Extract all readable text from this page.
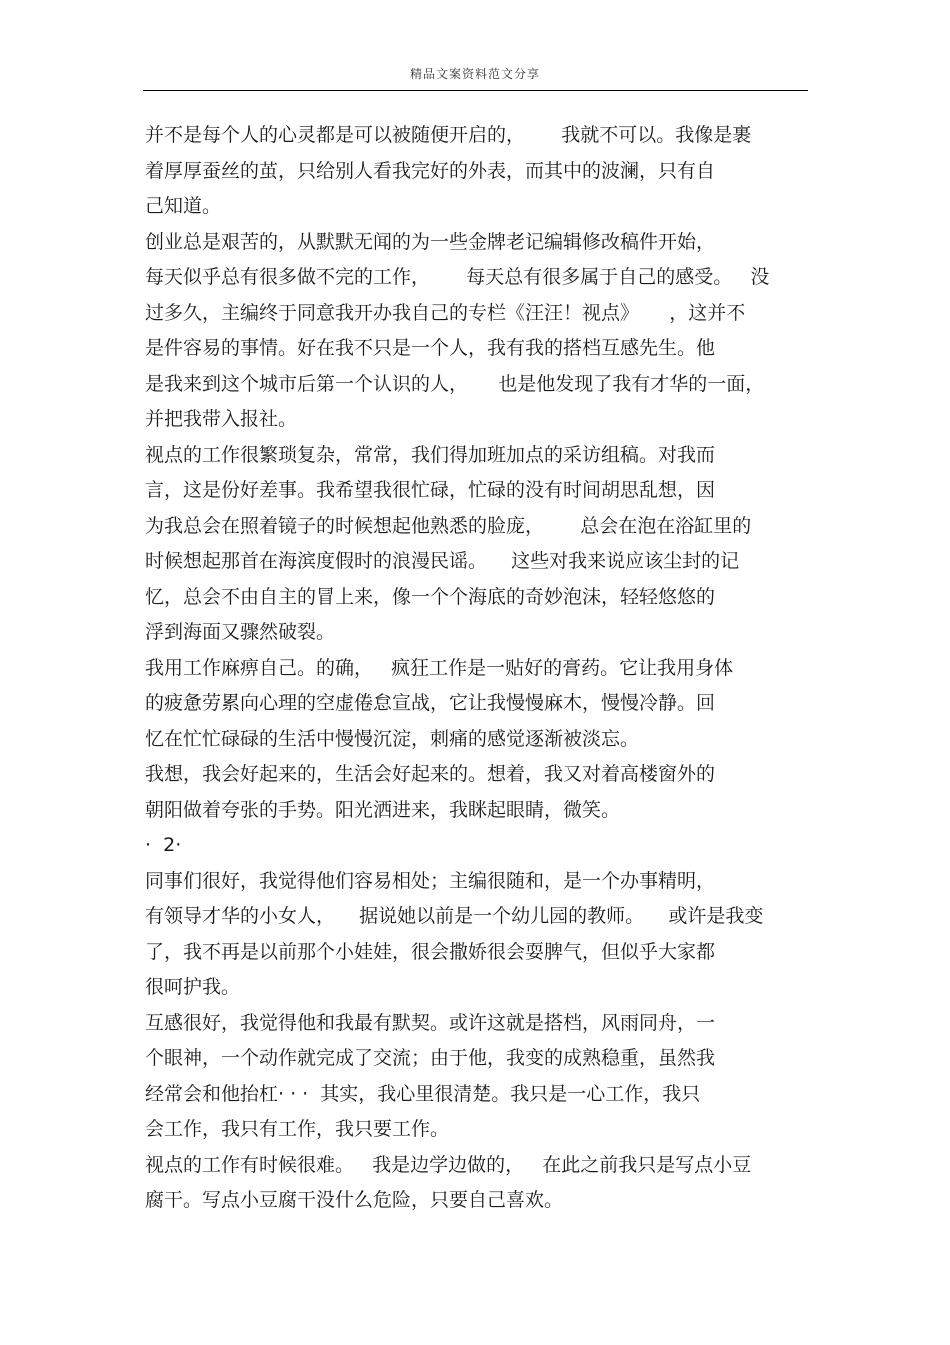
精品文案资料范文分享
并不是每个人的心灵都是可以被随便开启的，      我就不可以。我像是裹
着厚厚蚕丝的茧，只给别人看我完好的外表，而其中的波澜，只有自
己知道。
创业总是艰苦的，从默默无闻的为一些金牌老记编辑修改稿件开始，
每天似乎总有很多做不完的工作，      每天总有很多属于自己的感受。   没
过多久，主编终于同意我开办我自己的专栏《汪汪！视点》     ，这并不
是件容易的事情。好在我不只是一个人，我有我的搭档互感先生。他
是我来到这个城市后第一个认识的人，     也是他发现了我有才华的一面，
并把我带入报社。
视点的工作很繁琐复杂，常常，我们得加班加点的采访组稿。对我而
言，这是份好差事。我希望我很忙碌，忙碌的没有时间胡思乱想，因
为我总会在照着镜子的时候想起他熟悉的脸庞，      总会在泡在浴缸里的
时候想起那首在海滨度假时的浪漫民谣。    这些对我来说应该尘封的记
忆，总会不由自主的冒上来，像一个个海底的奇妙泡沫，轻轻悠悠的
浮到海面又骤然破裂。
我用工作麻痹自己。的确，   疯狂工作是一贴好的膏药。它让我用身体
的疲惫劳累向心理的空虚倦怠宣战，它让我慢慢麻木，慢慢冷静。回
忆在忙忙碌碌的生活中慢慢沉淀，刺痛的感觉逐渐被淡忘。
我想，我会好起来的，生活会好起来的。想着，我又对着高楼窗外的
朝阳做着夸张的手势。阳光洒进来，我眯起眼睛，微笑。
·  2·
同事们很好，我觉得他们容易相处；主编很随和，是一个办事精明，
有领导才华的小女人，    据说她以前是一个幼儿园的教师。    或许是我变
了，我不再是以前那个小娃娃，很会撒娇很会耍脾气，但似乎大家都
很呵护我。
互感很好，我觉得他和我最有默契。或许这就是搭档，风雨同舟，一
个眼神，一个动作就完成了交流；由于他，我变的成熟稳重，虽然我
经常会和他抬杠· · ·  其实，我心里很清楚。我只是一心工作，我只
会工作，我只有工作，我只要工作。
视点的工作有时候很难。   我是边学边做的，   在此之前我只是写点小豆
腐干。写点小豆腐干没什么危险，只要自己喜欢。
